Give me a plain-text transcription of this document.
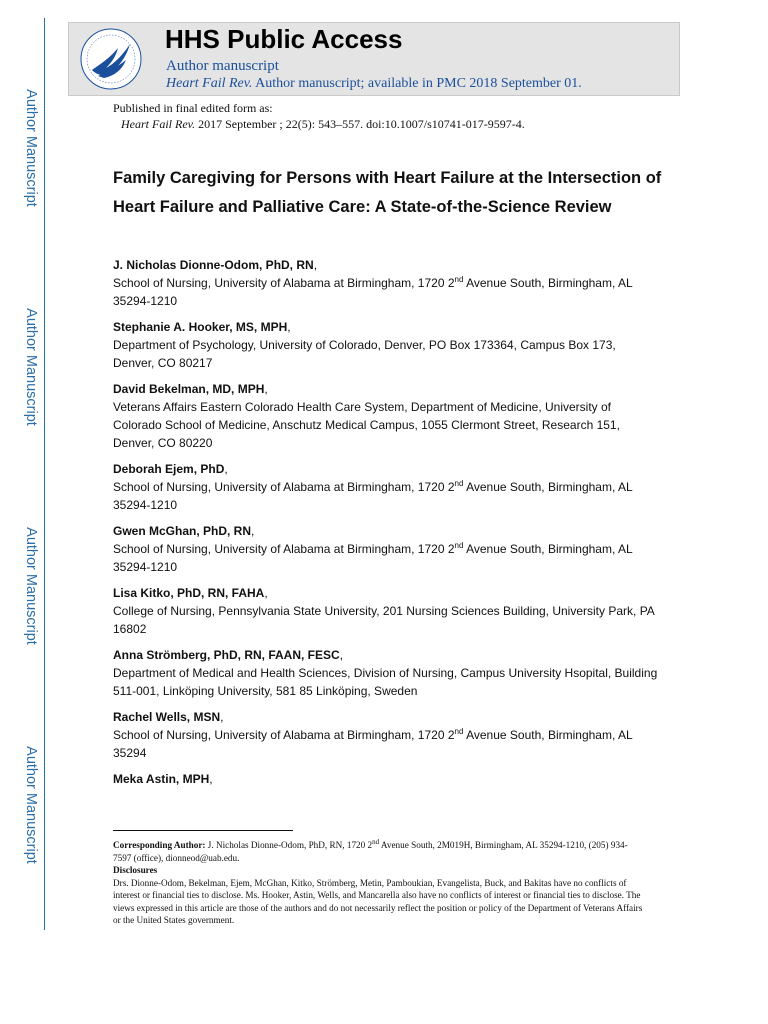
Author Manuscript
Author Manuscript
Author Manuscript
Author Manuscript
HHS Public Access
Author manuscript
Heart Fail Rev. Author manuscript; available in PMC 2018 September 01.
Published in final edited form as:
Heart Fail Rev. 2017 September ; 22(5): 543–557. doi:10.1007/s10741-017-9597-4.
Family Caregiving for Persons with Heart Failure at the Intersection of Heart Failure and Palliative Care: A State-of-the-Science Review
J. Nicholas Dionne-Odom, PhD, RN,
School of Nursing, University of Alabama at Birmingham, 1720 2nd Avenue South, Birmingham, AL 35294-1210
Stephanie A. Hooker, MS, MPH,
Department of Psychology, University of Colorado, Denver, PO Box 173364, Campus Box 173, Denver, CO 80217
David Bekelman, MD, MPH,
Veterans Affairs Eastern Colorado Health Care System, Department of Medicine, University of Colorado School of Medicine, Anschutz Medical Campus, 1055 Clermont Street, Research 151, Denver, CO 80220
Deborah Ejem, PhD,
School of Nursing, University of Alabama at Birmingham, 1720 2nd Avenue South, Birmingham, AL 35294-1210
Gwen McGhan, PhD, RN,
School of Nursing, University of Alabama at Birmingham, 1720 2nd Avenue South, Birmingham, AL 35294-1210
Lisa Kitko, PhD, RN, FAHA,
College of Nursing, Pennsylvania State University, 201 Nursing Sciences Building, University Park, PA 16802
Anna Strömberg, PhD, RN, FAAN, FESC,
Department of Medical and Health Sciences, Division of Nursing, Campus University Hsopital, Building 511-001, Linköping University, 581 85 Linköping, Sweden
Rachel Wells, MSN,
School of Nursing, University of Alabama at Birmingham, 1720 2nd Avenue South, Birmingham, AL 35294
Meka Astin, MPH,
Corresponding Author: J. Nicholas Dionne-Odom, PhD, RN, 1720 2nd Avenue South, 2M019H, Birmingham, AL 35294-1210, (205) 934-7597 (office), dionneod@uab.edu.
Disclosures
Drs. Dionne-Odom, Bekelman, Ejem, McGhan, Kitko, Strömberg, Metin, Pamboukian, Evangelista, Buck, and Bakitas have no conflicts of interest or financial ties to disclose. Ms. Hooker, Astin, Wells, and Mancarella also have no conflicts of interest or financial ties to disclose. The views expressed in this article are those of the authors and do not necessarily reflect the position or policy of the Department of Veterans Affairs or the United States government.
